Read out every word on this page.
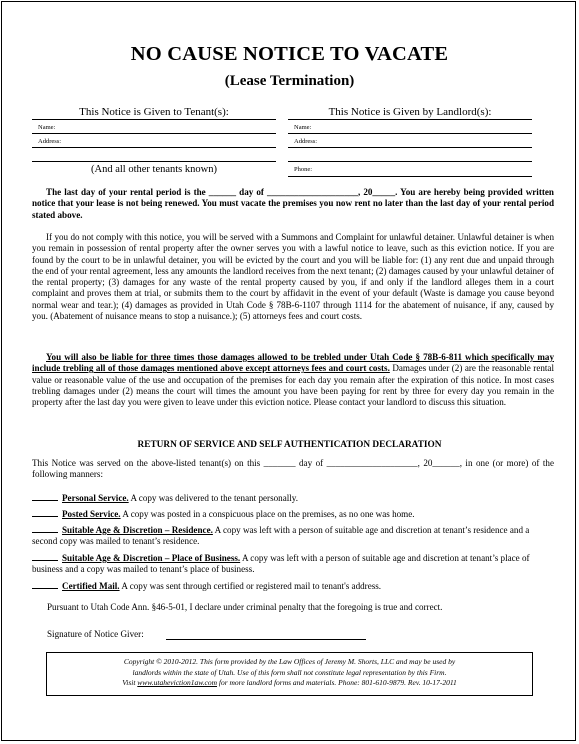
NO CAUSE NOTICE TO VACATE
(Lease Termination)
This Notice is Given to Tenant(s):
Name:
Address:
(And all other tenants known)
This Notice is Given by Landlord(s):
Name:
Address:
Phone:

The last day of your rental period is the ______ day of ____________________, 20_____. You are hereby being provided written notice that your lease is not being renewed. You must vacate the premises you now rent no later than the last day of your rental period stated above.

If you do not comply with this notice, you will be served with a Summons and Complaint for unlawful detainer. Unlawful detainer is when you remain in possession of rental property after the owner serves you with a lawful notice to leave, such as this eviction notice. If you are found by the court to be in unlawful detainer, you will be evicted by the court and you will be liable for: (1) any rent due and unpaid through the end of your rental agreement, less any amounts the landlord receives from the next tenant; (2) damages caused by your unlawful detainer of the rental property; (3) damages for any waste of the rental property caused by you, if and only if the landlord alleges them in a court complaint and proves them at trial, or submits them to the court by affidavit in the event of your default (Waste is damage you cause beyond normal wear and tear.); (4) damages as provided in Utah Code § 78B-6-1107 through 1114 for the abatement of nuisance, if any, caused by you. (Abatement of nuisance means to stop a nuisance.); (5) attorneys fees and court costs.

You will also be liable for three times those damages allowed to be trebled under Utah Code § 78B-6-811 which specifically may include trebling all of those damages mentioned above except attorneys fees and court costs. Damages under (2) are the reasonable rental value or reasonable value of the use and occupation of the premises for each day you remain after the expiration of this notice. In most cases trebling damages under (2) means the court will times the amount you have been paying for rent by three for every day you remain in the property after the last day you were given to leave under this eviction notice. Please contact your landlord to discuss this situation.

RETURN OF SERVICE AND SELF AUTHENTICATION DECLARATION

This Notice was served on the above-listed tenant(s) on this _______ day of ____________________, 20______, in one (or more) of the following manners:

Personal Service. A copy was delivered to the tenant personally.
Posted Service. A copy was posted in a conspicuous place on the premises, as no one was home.
Suitable Age & Discretion – Residence. A copy was left with a person of suitable age and discretion at tenant’s residence and a second copy was mailed to tenant’s residence.
Suitable Age & Discretion – Place of Business. A copy was left with a person of suitable age and discretion at tenant’s place of business and a copy was mailed to tenant’s place of business.
Certified Mail. A copy was sent through certified or registered mail to tenant's address.

Pursuant to Utah Code Ann. §46-5-01, I declare under criminal penalty that the foregoing is true and correct.

Signature of Notice Giver:
Copyright © 2010-2012. This form provided by the Law Offices of Jeremy M. Shorts, LLC and may be used by
landlords within the state of Utah. Use of this form shall not constitute legal representation by this Firm.
Visit www.utaheviction1aw.com for more landlord forms and materials. Phone: 801-610-9879. Rev. 10-17-2011
